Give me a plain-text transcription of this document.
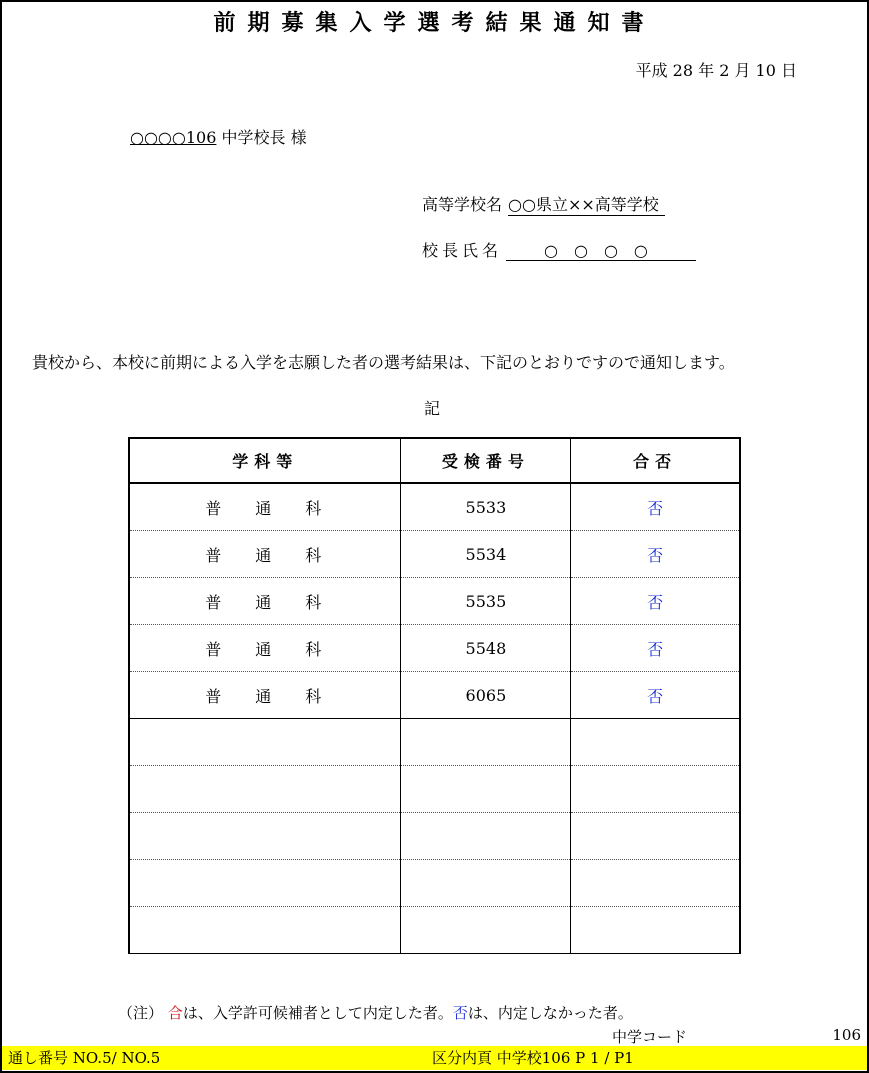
前期募集入学選考結果通知書
平成 28 年 2 月 10 日
○○○○106 中学校長 様
高等学校名 ○○県立××高等学校
校長氏名	○○○○
貴校から、本校に前期による入学を志願した者の選考結果は、下記のとおりですので通知します。
記
学科等	受検番号	合否
普通科	5533	否
普通科	5534	否
普通科	5535	否
普通科	5548	否
普通科	6065	否

（注） 合は、入学許可候補者として内定した者。否は、内定しなかった者。
中学コード	106
通し番号 NO.5/ NO.5	区分内頁 中学校106 P 1 / P1
